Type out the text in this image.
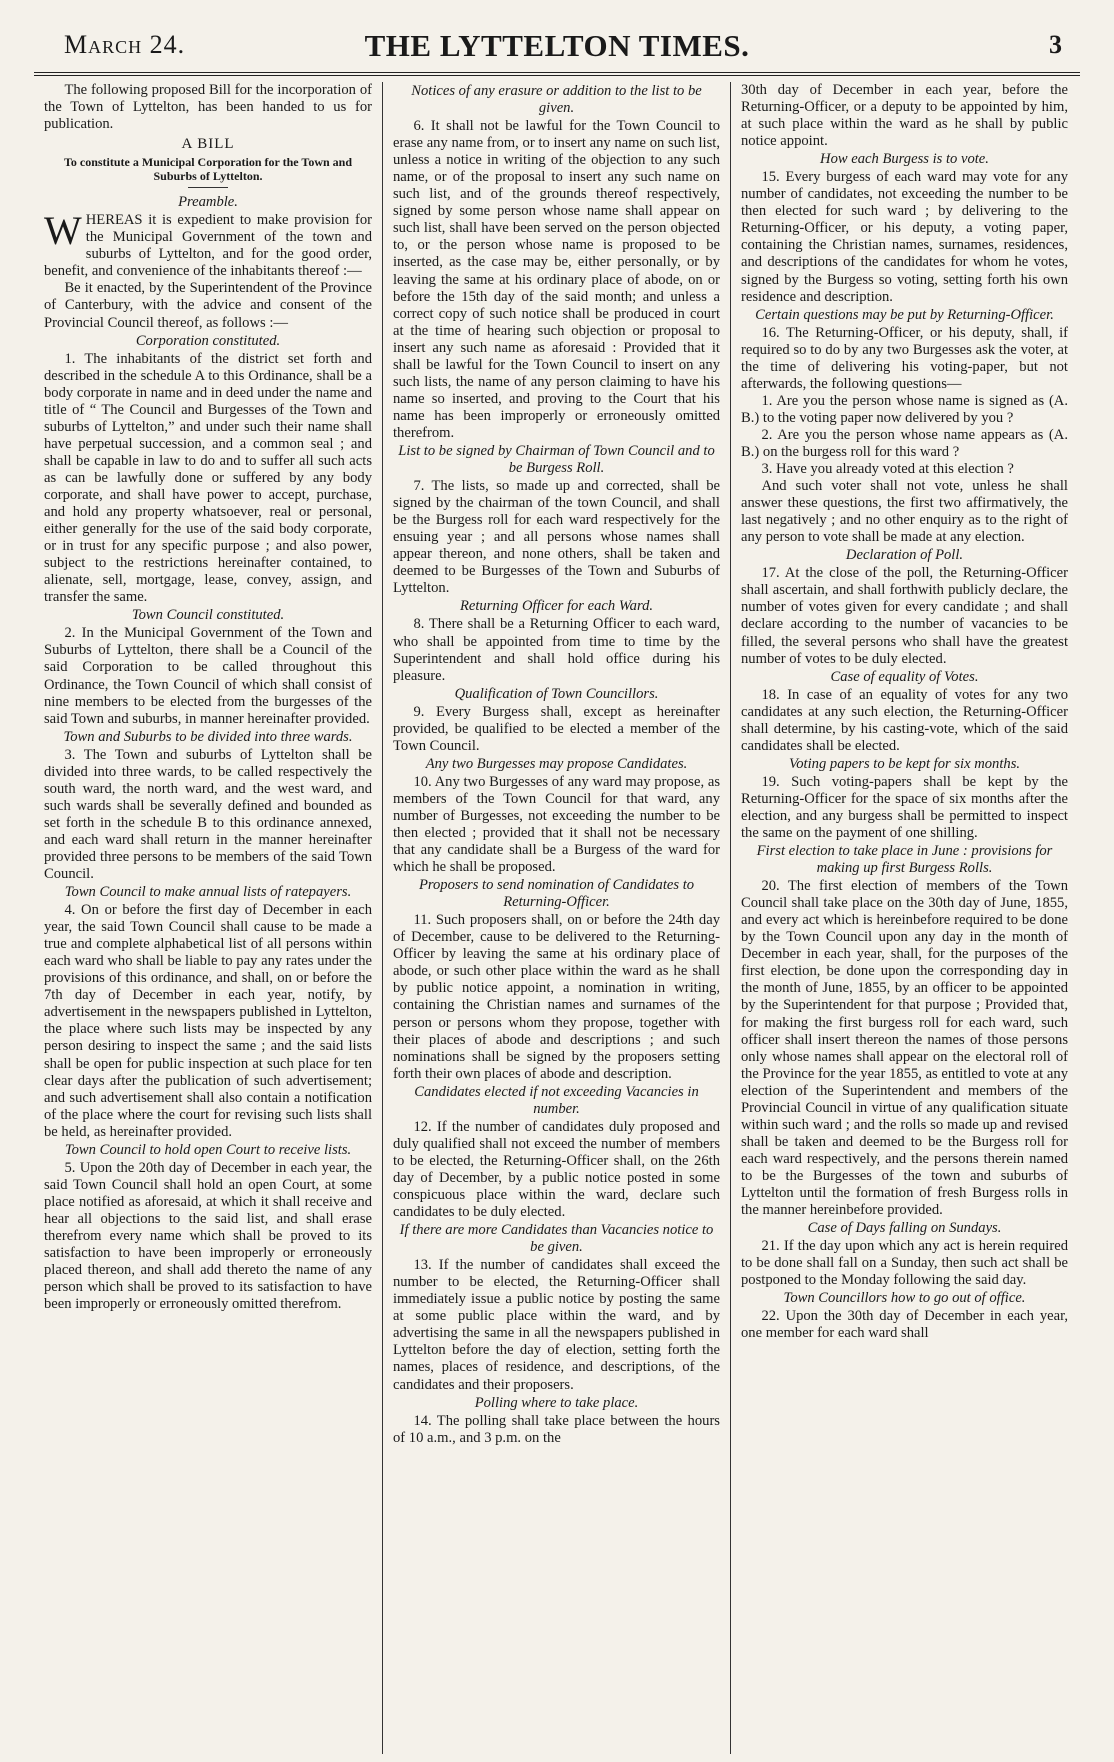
March 24.	THE LYTTELTON TIMES.	3

The following proposed Bill for the incorporation of the Town of Lyttelton, has been handed to us for publication.

A BILL
To constitute a Municipal Corporation for the Town and Suburbs of Lyttelton.
Preamble.

WHEREAS it is expedient to make provision for the Municipal Government of the town and suburbs of Lyttelton, and for the good order, benefit, and convenience of the inhabitants thereof :—

Be it enacted, by the Superintendent of the Province of Canterbury, with the advice and consent of the Provincial Council thereof, as follows :—

Corporation constituted.

1. The inhabitants of the district set forth and described in the schedule A to this Ordinance, shall be a body corporate in name and in deed under the name and title of “ The Council and Burgesses of the Town and suburbs of Lyttelton,” and under such their name shall have perpetual succession, and a common seal ; and shall be capable in law to do and to suffer all such acts as can be lawfully done or suffered by any body corporate, and shall have power to accept, purchase, and hold any property whatsoever, real or personal, either generally for the use of the said body corporate, or in trust for any specific purpose ; and also power, subject to the restrictions hereinafter contained, to alienate, sell, mortgage, lease, convey, assign, and transfer the same.

Town Council constituted.

2. In the Municipal Government of the Town and Suburbs of Lyttelton, there shall be a Council of the said Corporation to be called throughout this Ordinance, the Town Council of which shall consist of nine members to be elected from the burgesses of the said Town and suburbs, in manner hereinafter provided.

Town and Suburbs to be divided into three wards.

3. The Town and suburbs of Lyttelton shall be divided into three wards, to be called respectively the south ward, the north ward, and the west ward, and such wards shall be severally defined and bounded as set forth in the schedule B to this ordinance annexed, and each ward shall return in the manner hereinafter provided three persons to be members of the said Town Council.

Town Council to make annual lists of ratepayers.

4. On or before the first day of December in each year, the said Town Council shall cause to be made a true and complete alphabetical list of all persons within each ward who shall be liable to pay any rates under the provisions of this ordinance, and shall, on or before the 7th day of December in each year, notify, by advertisement in the newspapers published in Lyttelton, the place where such lists may be inspected by any person desiring to inspect the same ; and the said lists shall be open for public inspection at such place for ten clear days after the publication of such advertisement; and such advertisement shall also contain a notification of the place where the court for revising such lists shall be held, as hereinafter provided.

Town Council to hold open Court to receive lists.

5. Upon the 20th day of December in each year, the said Town Council shall hold an open Court, at some place notified as aforesaid, at which it shall receive and hear all objections to the said list, and shall erase therefrom every name which shall be proved to its satisfaction to have been improperly or erroneously placed thereon, and shall add thereto the name of any person which shall be proved to its satisfaction to have been improperly or erroneously omitted therefrom.

Notices of any erasure or addition to the list to be given.

6. It shall not be lawful for the Town Council to erase any name from, or to insert any name on such list, unless a notice in writing of the objection to any such name, or of the proposal to insert any such name on such list, and of the grounds thereof respectively, signed by some person whose name shall appear on such list, shall have been served on the person objected to, or the person whose name is proposed to be inserted, as the case may be, either personally, or by leaving the same at his ordinary place of abode, on or before the 15th day of the said month; and unless a correct copy of such notice shall be produced in court at the time of hearing such objection or proposal to insert any such name as aforesaid : Provided that it shall be lawful for the Town Council to insert on any such lists, the name of any person claiming to have his name so inserted, and proving to the Court that his name has been improperly or erroneously omitted therefrom.

List to be signed by Chairman of Town Council and to be Burgess Roll.

7. The lists, so made up and corrected, shall be signed by the chairman of the town Council, and shall be the Burgess roll for each ward respectively for the ensuing year ; and all persons whose names shall appear thereon, and none others, shall be taken and deemed to be Burgesses of the Town and Suburbs of Lyttelton.

Returning Officer for each Ward.

8. There shall be a Returning Officer to each ward, who shall be appointed from time to time by the Superintendent and shall hold office during his pleasure.

Qualification of Town Councillors.

9. Every Burgess shall, except as hereinafter provided, be qualified to be elected a member of the Town Council.

Any two Burgesses may propose Candidates.

10. Any two Burgesses of any ward may propose, as members of the Town Council for that ward, any number of Burgesses, not exceeding the number to be then elected ; provided that it shall not be necessary that any candidate shall be a Burgess of the ward for which he shall be proposed.

Proposers to send nomination of Candidates to Returning-Officer.

11. Such proposers shall, on or before the 24th day of December, cause to be delivered to the Returning-Officer by leaving the same at his ordinary place of abode, or such other place within the ward as he shall by public notice appoint, a nomination in writing, containing the Christian names and surnames of the person or persons whom they propose, together with their places of abode and descriptions ; and such nominations shall be signed by the proposers setting forth their own places of abode and description.

Candidates elected if not exceeding Vacancies in number.

12. If the number of candidates duly proposed and duly qualified shall not exceed the number of members to be elected, the Returning-Officer shall, on the 26th day of December, by a public notice posted in some conspicuous place within the ward, declare such candidates to be duly elected.

If there are more Candidates than Vacancies notice to be given.

13. If the number of candidates shall exceed the number to be elected, the Returning-Officer shall immediately issue a public notice by posting the same at some public place within the ward, and by advertising the same in all the newspapers published in Lyttelton before the day of election, setting forth the names, places of residence, and descriptions, of the candidates and their proposers.

Polling where to take place.

14. The polling shall take place between the hours of 10 a.m., and 3 p.m. on the

30th day of December in each year, before the Returning-Officer, or a deputy to be appointed by him, at such place within the ward as he shall by public notice appoint.

How each Burgess is to vote.

15. Every burgess of each ward may vote for any number of candidates, not exceeding the number to be then elected for such ward ; by delivering to the Returning-Officer, or his deputy, a voting paper, containing the Christian names, surnames, residences, and descriptions of the candidates for whom he votes, signed by the Burgess so voting, setting forth his own residence and description.

Certain questions may be put by Returning-Officer.

16. The Returning-Officer, or his deputy, shall, if required so to do by any two Burgesses ask the voter, at the time of delivering his voting-paper, but not afterwards, the following questions—

1. Are you the person whose name is signed as (A. B.) to the voting paper now delivered by you ?

2. Are you the person whose name appears as (A. B.) on the burgess roll for this ward ?

3. Have you already voted at this election ?

And such voter shall not vote, unless he shall answer these questions, the first two affirmatively, the last negatively ; and no other enquiry as to the right of any person to vote shall be made at any election.

Declaration of Poll.

17. At the close of the poll, the Returning-Officer shall ascertain, and shall forthwith publicly declare, the number of votes given for every candidate ; and shall declare according to the number of vacancies to be filled, the several persons who shall have the greatest number of votes to be duly elected.

Case of equality of Votes.

18. In case of an equality of votes for any two candidates at any such election, the Returning-Officer shall determine, by his casting-vote, which of the said candidates shall be elected.

Voting papers to be kept for six months.

19. Such voting-papers shall be kept by the Returning-Officer for the space of six months after the election, and any burgess shall be permitted to inspect the same on the payment of one shilling.

First election to take place in June : provisions for making up first Burgess Rolls.

20. The first election of members of the Town Council shall take place on the 30th day of June, 1855, and every act which is hereinbefore required to be done by the Town Council upon any day in the month of December in each year, shall, for the purposes of the first election, be done upon the corresponding day in the month of June, 1855, by an officer to be appointed by the Superintendent for that purpose ; Provided that, for making the first burgess roll for each ward, such officer shall insert thereon the names of those persons only whose names shall appear on the electoral roll of the Province for the year 1855, as entitled to vote at any election of the Superintendent and members of the Provincial Council in virtue of any qualification situate within such ward ; and the rolls so made up and revised shall be taken and deemed to be the Burgess roll for each ward respectively, and the persons therein named to be the Burgesses of the town and suburbs of Lyttelton until the formation of fresh Burgess rolls in the manner hereinbefore provided.

Case of Days falling on Sundays.

21. If the day upon which any act is herein required to be done shall fall on a Sunday, then such act shall be postponed to the Monday following the said day.

Town Councillors how to go out of office.

22. Upon the 30th day of December in each year, one member for each ward shall
